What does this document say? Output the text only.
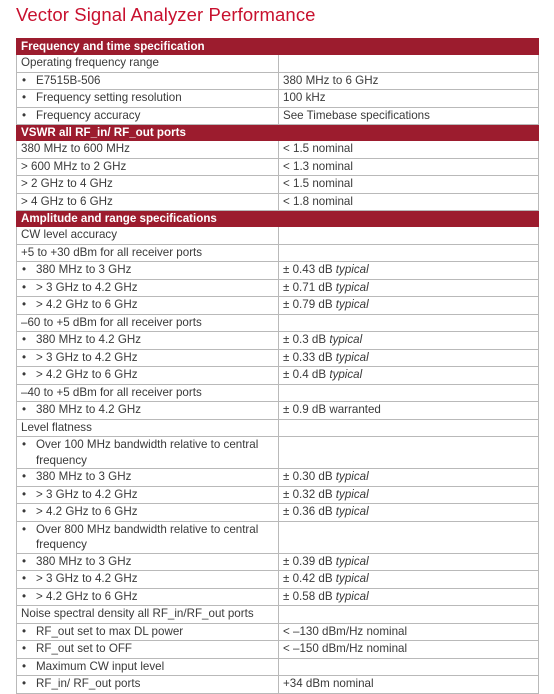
Vector Signal Analyzer Performance
Frequency and time specification	
Operating frequency range	

• E7515B-506	380 MHz to 6 GHz

• Frequency setting resolution	100 kHz

• Frequency accuracy	See Timebase specifications
VSWR all RF_in/ RF_out ports	
380 MHz to 600 MHz	< 1.5 nominal
> 600 MHz to 2 GHz	< 1.3 nominal
> 2 GHz to 4 GHz	< 1.5 nominal
> 4 GHz to 6 GHz	< 1.8 nominal
Amplitude and range specifications	
CW level accuracy	
+5 to +30 dBm for all receiver ports	

• 380 MHz to 3 GHz	± 0.43 dB typical

• > 3 GHz to 4.2 GHz	± 0.71 dB typical

• > 4.2 GHz to 6 GHz	± 0.79 dB typical
–60 to +5 dBm for all receiver ports	

• 380 MHz to 4.2 GHz	± 0.3 dB typical

• > 3 GHz to 4.2 GHz	± 0.33 dB typical

• > 4.2 GHz to 6 GHz	± 0.4 dB typical
–40 to +5 dBm for all receiver ports	

• 380 MHz to 4.2 GHz	± 0.9 dB warranted
Level flatness	

• Over 100 MHz bandwidth relative to central frequency	

• 380 MHz to 3 GHz	± 0.30 dB typical

• > 3 GHz to 4.2 GHz	± 0.32 dB typical

• > 4.2 GHz to 6 GHz	± 0.36 dB typical

• Over 800 MHz bandwidth relative to central frequency	

• 380 MHz to 3 GHz	± 0.39 dB typical

• > 3 GHz to 4.2 GHz	± 0.42 dB typical

• > 4.2 GHz to 6 GHz	± 0.58 dB typical
Noise spectral density all RF_in/RF_out ports	

• RF_out set to max DL power	< –130 dBm/Hz nominal

• RF_out set to OFF	< –150 dBm/Hz nominal

• Maximum CW input level	

• RF_in/ RF_out ports	+34 dBm nominal
